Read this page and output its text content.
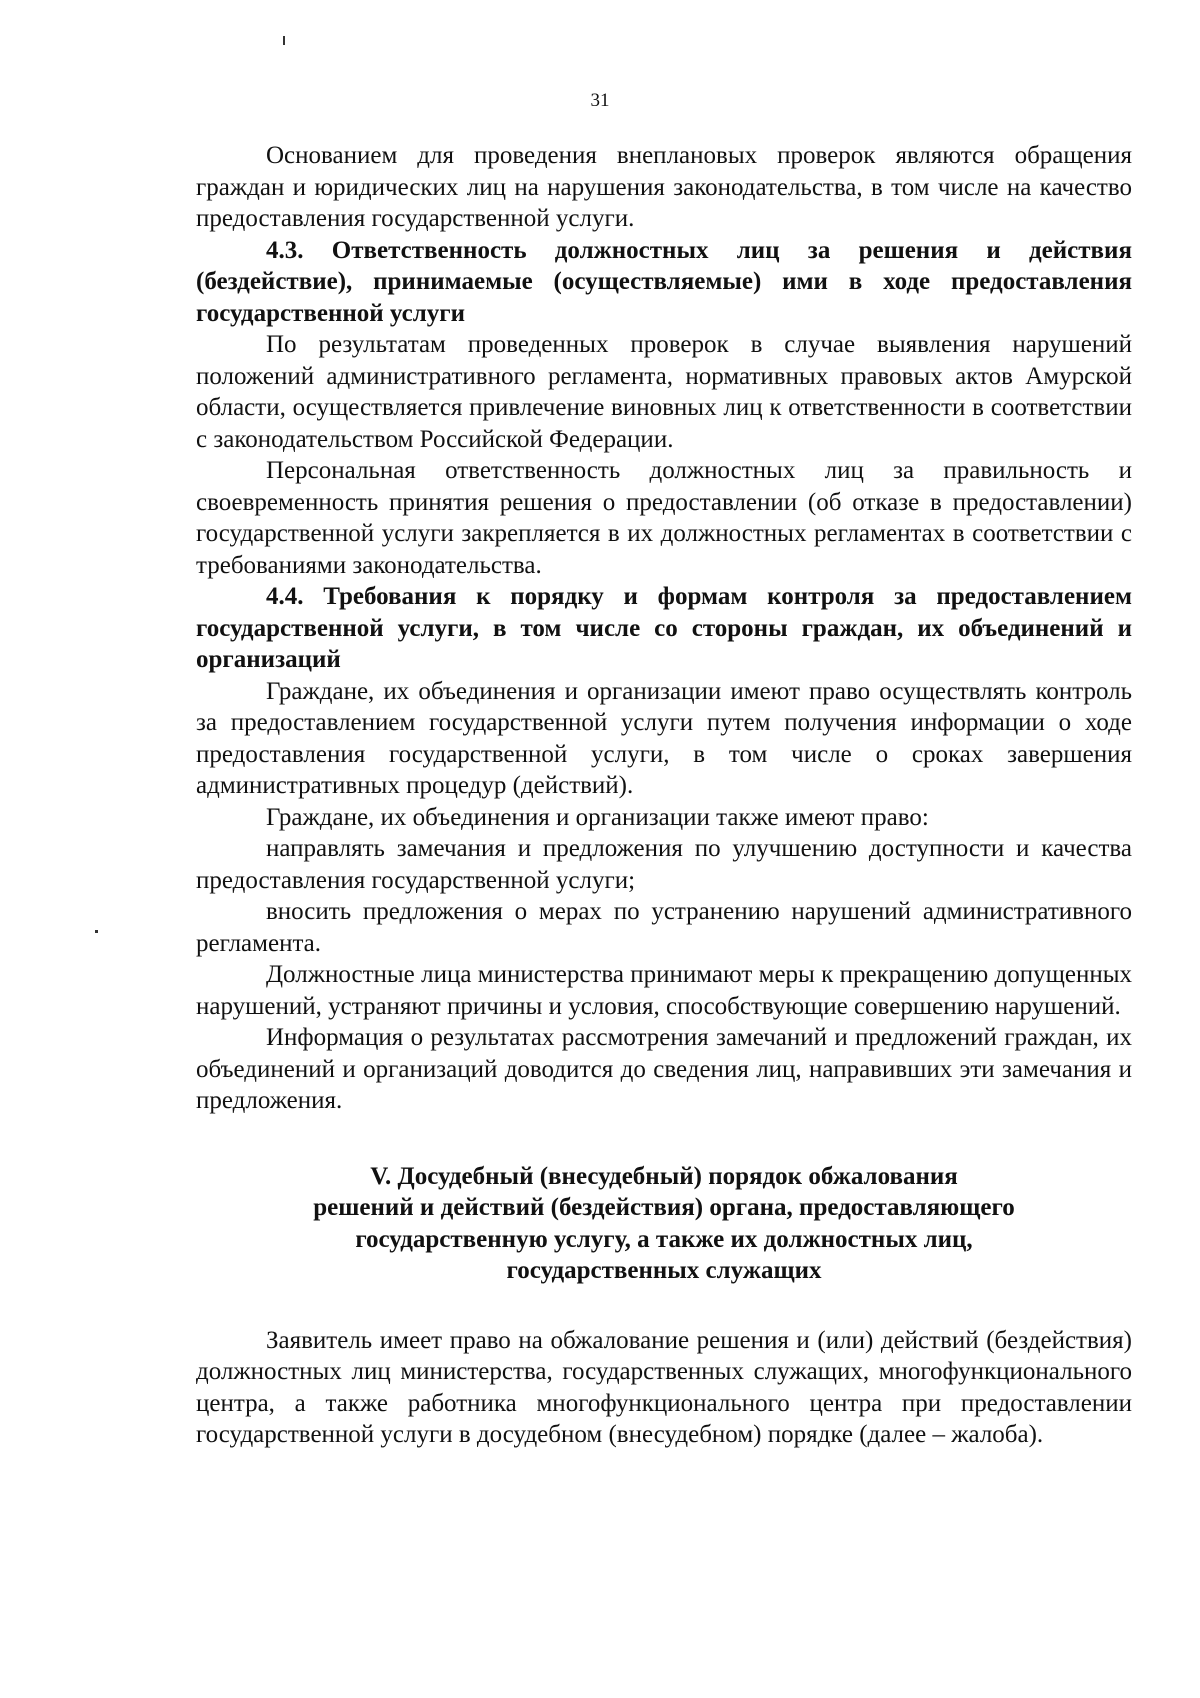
31

Основанием для проведения внеплановых проверок являются обращения граждан и юридических лиц на нарушения законодательства, в том числе на качество предоставления государственной услуги.

4.3. Ответственность должностных лиц за решения и действия (бездействие), принимаемые (осуществляемые) ими в ходе предоставления государственной услуги

По результатам проведенных проверок в случае выявления нарушений положений административного регламента, нормативных правовых актов Амурской области, осуществляется привлечение виновных лиц к ответственности в соответствии с законодательством Российской Федерации.

Персональная ответственность должностных лиц за правильность и своевременность принятия решения о предоставлении (об отказе в предоставлении) государственной услуги закрепляется в их должностных регламентах в соответствии с требованиями законодательства.

4.4. Требования к порядку и формам контроля за предоставлением государственной услуги, в том числе со стороны граждан, их объединений и организаций

Граждане, их объединения и организации имеют право осуществлять контроль за предоставлением государственной услуги путем получения информации о ходе предоставления государственной услуги, в том числе о сроках завершения административных процедур (действий).

Граждане, их объединения и организации также имеют право:

направлять замечания и предложения по улучшению доступности и качества предоставления государственной услуги;

вносить предложения о мерах по устранению нарушений административного регламента.

Должностные лица министерства принимают меры к прекращению допущенных нарушений, устраняют причины и условия, способствующие совершению нарушений.

Информация о результатах рассмотрения замечаний и предложений граждан, их объединений и организаций доводится до сведения лиц, направивших эти замечания и предложения.

V. Досудебный (внесудебный) порядок обжалования
решений и действий (бездействия) органа, предоставляющего
государственную услугу, а также их должностных лиц,
государственных служащих

Заявитель имеет право на обжалование решения и (или) действий (бездействия) должностных лиц министерства, государственных служащих, многофункционального центра, а также работника многофункционального центра при предоставлении государственной услуги в досудебном (внесудебном) порядке (далее – жалоба).
